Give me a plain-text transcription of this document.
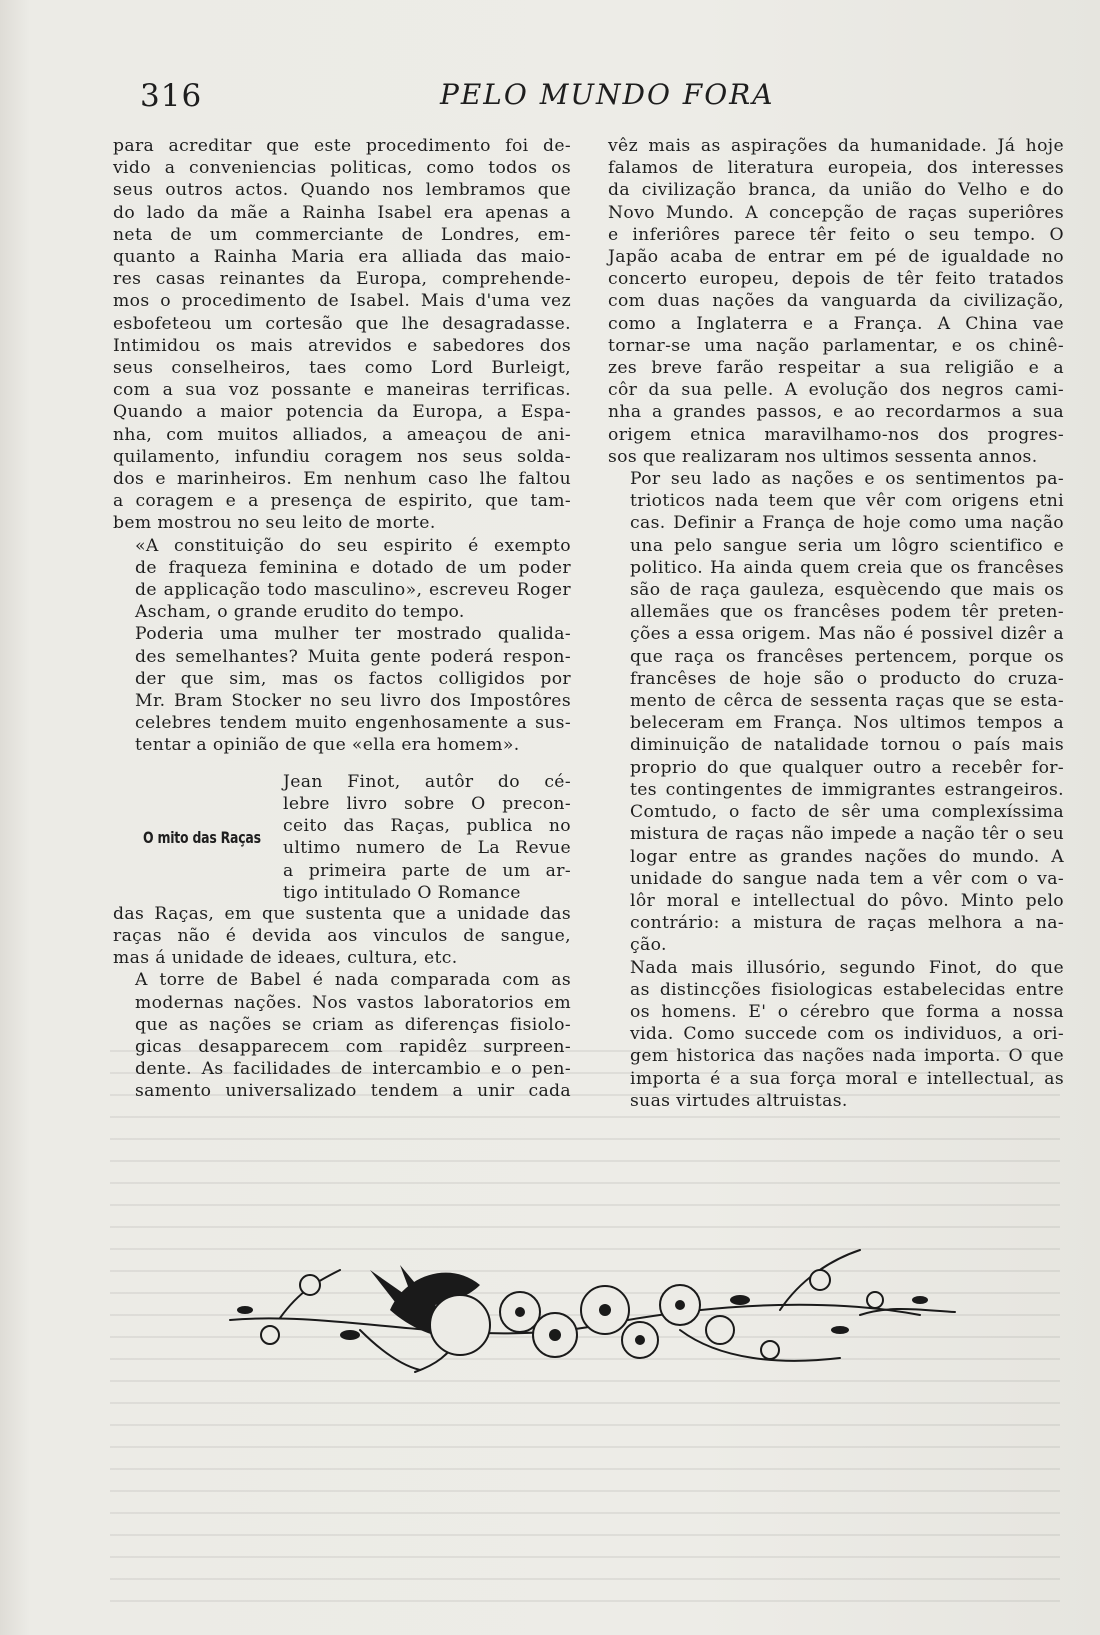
316	PELO MUNDO FORA

para acreditar que este procedimento foi de-
vido a conveniencias politicas, como todos os
seus outros actos. Quando nos lembramos que
do lado da mãe a Rainha Isabel era apenas a
neta de um commerciante de Londres, em-
quanto a Rainha Maria era alliada das maio-
res casas reinantes da Europa, comprehende-
mos o procedimento de Isabel. Mais d'uma vez
esbofeteou um cortesão que lhe desagradasse.
Intimidou os mais atrevidos e sabedores dos
seus conselheiros, taes como Lord Burleigt,
com a sua voz possante e maneiras terrificas.
Quando a maior potencia da Europa, a Espa-
nha, com muitos alliados, a ameaçou de ani-
quilamento, infundiu coragem nos seus solda-
dos e marinheiros. Em nenhum caso lhe faltou
a coragem e a presença de espirito, que tam-
bem mostrou no seu leito de morte.

«A constituição do seu espirito é exempto
de fraqueza feminina e dotado de um poder
de applicação todo masculino», escreveu Roger
Ascham, o grande erudito do tempo.

Poderia uma mulher ter mostrado qualida-
des semelhantes? Muita gente poderá respon-
der que sim, mas os factos colligidos por
Mr. Bram Stocker no seu livro dos Impostôres
celebres tendem muito engenhosamente a sus-
tentar a opinião de que «ella era homem».

O mito das Raças
Jean Finot, autôr do cé-
lebre livro sobre O precon-
ceito das Raças, publica no
ultimo numero de La Revue
a primeira parte de um ar-
tigo intitulado O Romance

das Raças, em que sustenta que a unidade das
raças não é devida aos vinculos de sangue,
mas á unidade de ideaes, cultura, etc.

A torre de Babel é nada comparada com as
modernas nações. Nos vastos laboratorios em
que as nações se criam as diferenças fisiolo-
gicas desapparecem com rapidêz surpreen-
dente. As facilidades de intercambio e o pen-
samento universalizado tendem a unir cada

vêz mais as aspirações da humanidade. Já hoje
falamos de literatura europeia, dos interesses
da civilização branca, da união do Velho e do
Novo Mundo. A concepção de raças superiôres
e inferiôres parece têr feito o seu tempo. O
Japão acaba de entrar em pé de igualdade no
concerto europeu, depois de têr feito tratados
com duas nações da vanguarda da civilização,
como a Inglaterra e a França. A China vae
tornar-se uma nação parlamentar, e os chinê-
zes breve farão respeitar a sua religião e a
côr da sua pelle. A evolução dos negros cami-
nha a grandes passos, e ao recordarmos a sua
origem etnica maravilhamo-nos dos progres-
sos que realizaram nos ultimos sessenta annos.

Por seu lado as nações e os sentimentos pa-
trioticos nada teem que vêr com origens etni
cas. Definir a França de hoje como uma nação
una pelo sangue seria um lôgro scientifico e
politico. Ha ainda quem creia que os francêses
são de raça gauleza, esquècendo que mais os
allemães que os francêses podem têr preten-
ções a essa origem. Mas não é possivel dizêr a
que raça os francêses pertencem, porque os
francêses de hoje são o producto do cruza-
mento de cêrca de sessenta raças que se esta-
beleceram em França. Nos ultimos tempos a
diminuição de natalidade tornou o país mais
proprio do que qualquer outro a recebêr for-
tes contingentes de immigrantes estrangeiros.
Comtudo, o facto de sêr uma complexíssima
mistura de raças não impede a nação têr o seu
logar entre as grandes nações do mundo. A
unidade do sangue nada tem a vêr com o va-
lôr moral e intellectual do pôvo. Minto pelo
contrário: a mistura de raças melhora a na-
ção.

Nada mais illusório, segundo Finot, do que
as distincções fisiologicas estabelecidas entre
os homens. E' o cérebro que forma a nossa
vida. Como succede com os individuos, a ori-
gem historica das nações nada importa. O que
importa é a sua força moral e intellectual, as
suas virtudes altruistas.
